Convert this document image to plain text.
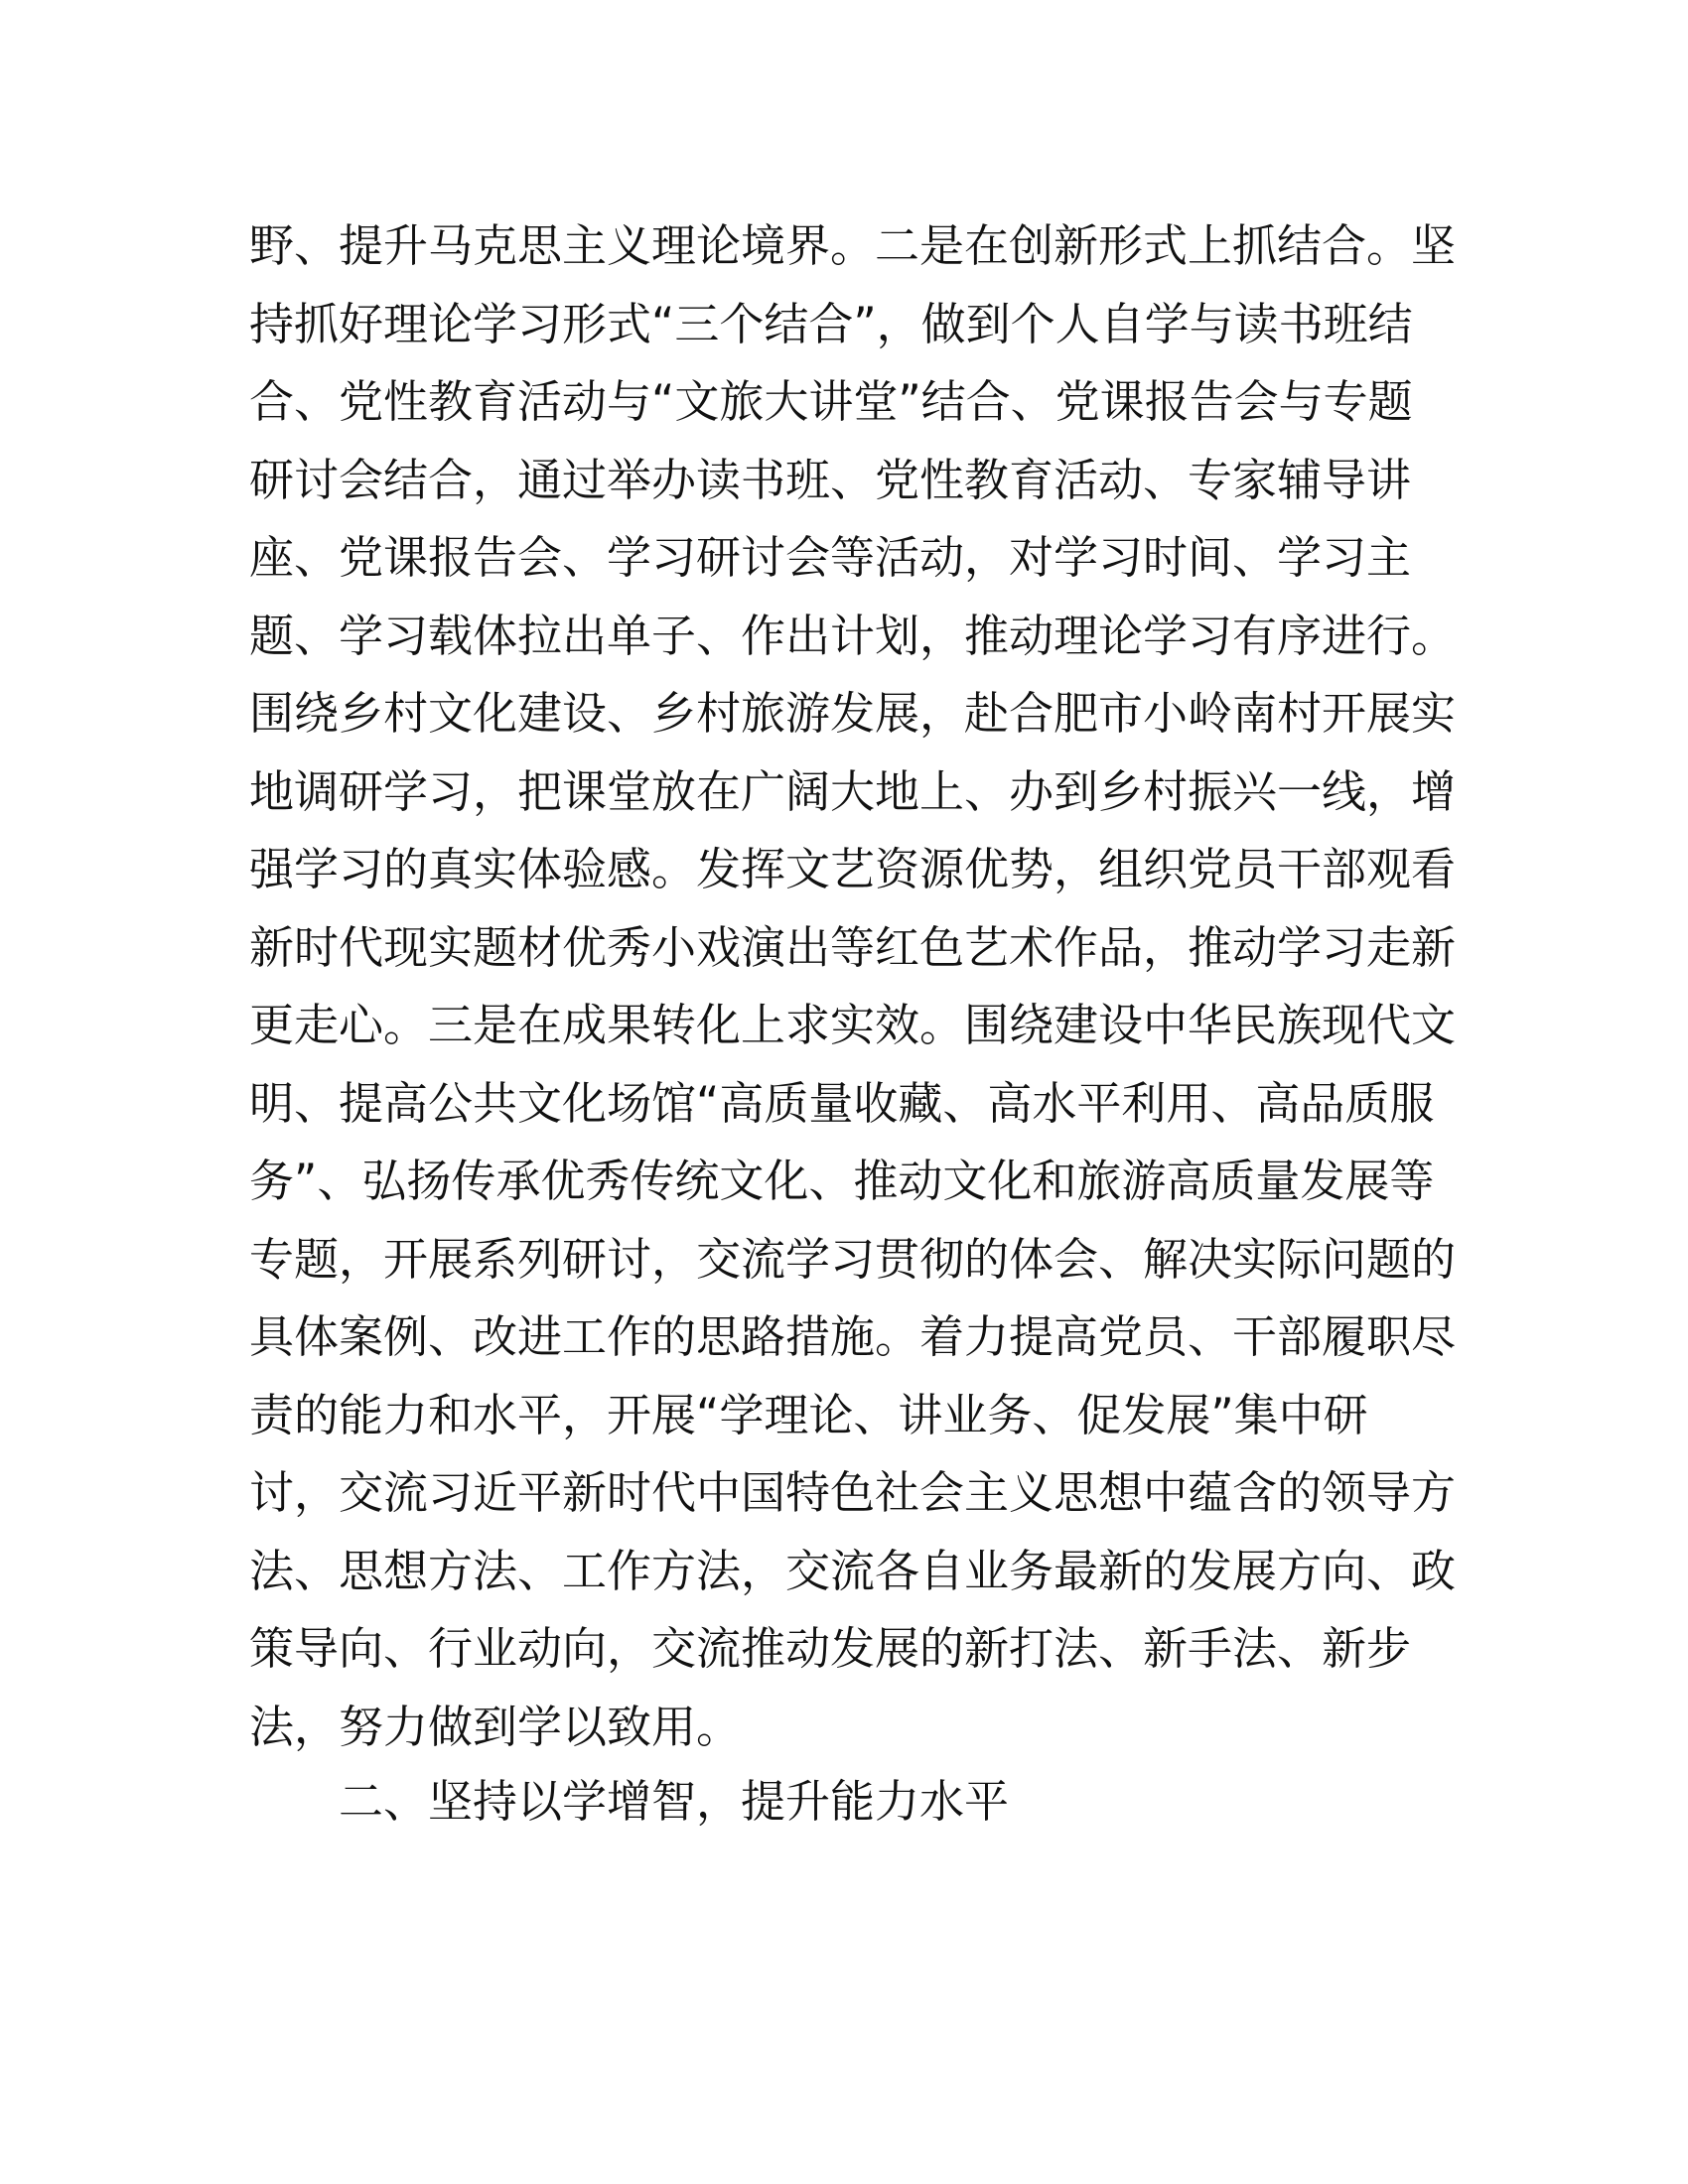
野、提升马克思主义理论境界。二是在创新形式上抓结合。坚
持抓好理论学习形式“三个结合”，做到个人自学与读书班结
合、党性教育活动与“文旅大讲堂”结合、党课报告会与专题
研讨会结合，通过举办读书班、党性教育活动、专家辅导讲
座、党课报告会、学习研讨会等活动，对学习时间、学习主
题、学习载体拉出单子、作出计划，推动理论学习有序进行。
围绕乡村文化建设、乡村旅游发展，赴合肥市小岭南村开展实
地调研学习，把课堂放在广阔大地上、办到乡村振兴一线，增
强学习的真实体验感。发挥文艺资源优势，组织党员干部观看
新时代现实题材优秀小戏演出等红色艺术作品，推动学习走新
更走心。三是在成果转化上求实效。围绕建设中华民族现代文
明、提高公共文化场馆“高质量收藏、高水平利用、高品质服
务”、弘扬传承优秀传统文化、推动文化和旅游高质量发展等
专题，开展系列研讨，交流学习贯彻的体会、解决实际问题的
具体案例、改进工作的思路措施。着力提高党员、干部履职尽
责的能力和水平，开展“学理论、讲业务、促发展”集中研
讨，交流习近平新时代中国特色社会主义思想中蕴含的领导方
法、思想方法、工作方法，交流各自业务最新的发展方向、政
策导向、行业动向，交流推动发展的新打法、新手法、新步
法，努力做到学以致用。
二、坚持以学增智，提升能力水平
